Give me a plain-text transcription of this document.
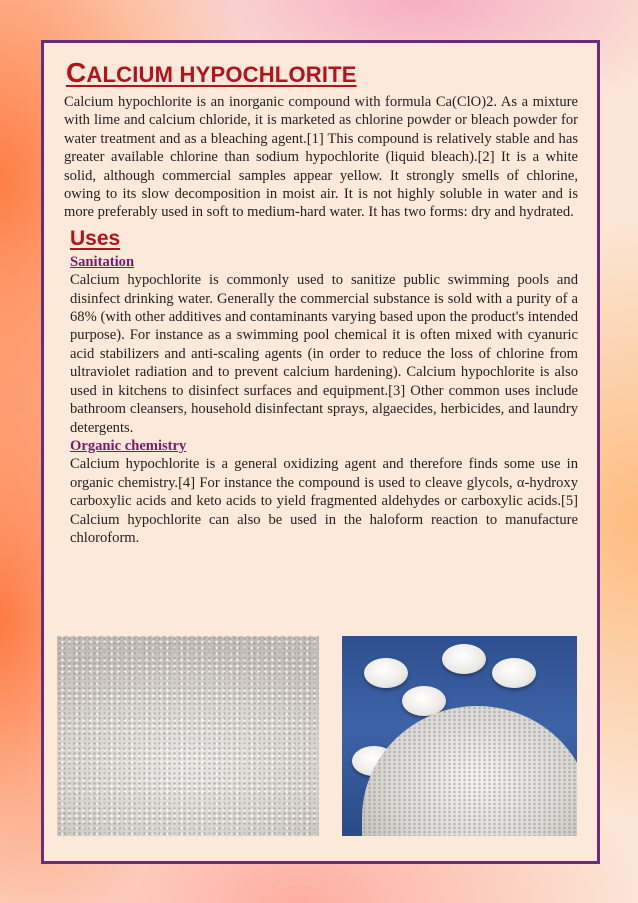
CALCIUM HYPOCHLORITE

Calcium hypochlorite is an inorganic compound with formula Ca(ClO)2. As a mixture with lime and calcium chloride, it is marketed as chlorine powder or bleach powder for water treatment and as a bleaching agent.[1] This compound is relatively stable and has greater available chlorine than sodium hypochlorite (liquid bleach).[2] It is a white solid, although commercial samples appear yellow. It strongly smells of chlorine, owing to its slow decomposition in moist air. It is not highly soluble in water and is more preferably used in soft to medium-hard water. It has two forms: dry and hydrated.

Uses
Sanitation

Calcium hypochlorite is commonly used to sanitize public swimming pools and disinfect drinking water. Generally the commercial substance is sold with a purity of a 68% (with other additives and contaminants varying based upon the product's intended purpose). For instance as a swimming pool chemical it is often mixed with cyanuric acid stabilizers and anti-scaling agents (in order to reduce the loss of chlorine from ultraviolet radiation and to prevent calcium hardening). Calcium hypochlorite is also used in kitchens to disinfect surfaces and equipment.[3] Other common uses include bathroom cleansers, household disinfectant sprays, algaecides, herbicides, and laundry detergents.

Organic chemistry

Calcium hypochlorite is a general oxidizing agent and therefore finds some use in organic chemistry.[4] For instance the compound is used to cleave glycols, α-hydroxy carboxylic acids and keto acids to yield fragmented aldehydes or carboxylic acids.[5] Calcium hypochlorite can also be used in the haloform reaction to manufacture chloroform.
